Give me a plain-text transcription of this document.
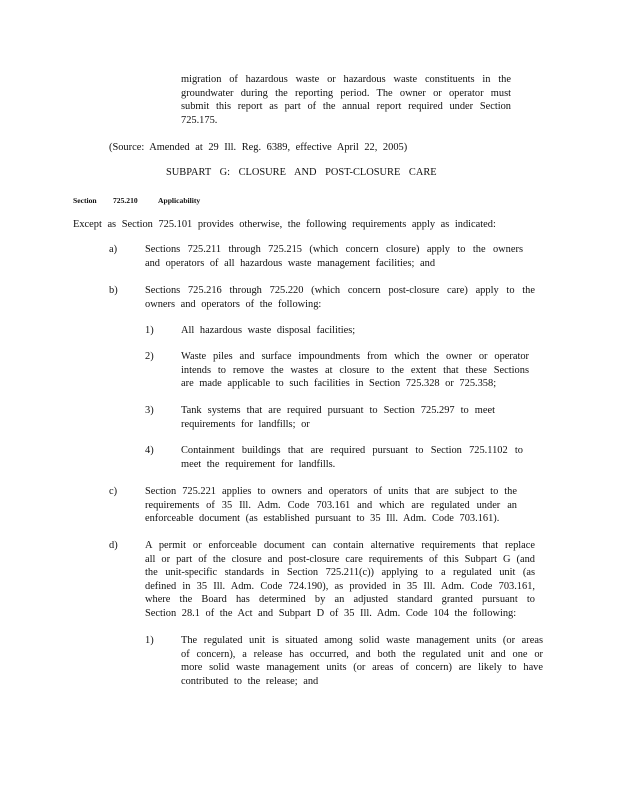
migration of hazardous waste or hazardous waste constituents in the
groundwater during the reporting period. The owner or operator must
submit this report as part of the annual report required under Section
725.175.
(Source: Amended at 29 Ill. Reg. 6389, effective April 22, 2005)
SUBPART G: CLOSURE AND POST-CLOSURE CARE
Section 725.210	Applicability
Except as Section 725.101 provides otherwise, the following requirements apply as indicated:
a)	Sections 725.211 through 725.215 (which concern closure) apply to the owners
and operators of all hazardous waste management facilities; and
b)	Sections 725.216 through 725.220 (which concern post-closure care) apply to the
owners and operators of the following:
1)	All hazardous waste disposal facilities;
2)	Waste piles and surface impoundments from which the owner or operator
intends to remove the wastes at closure to the extent that these Sections
are made applicable to such facilities in Section 725.328 or 725.358;
3)	Tank systems that are required pursuant to Section 725.297 to meet
requirements for landfills; or
4)	Containment buildings that are required pursuant to Section 725.1102 to
meet the requirement for landfills.
c)	Section 725.221 applies to owners and operators of units that are subject to the
requirements of 35 Ill. Adm. Code 703.161 and which are regulated under an
enforceable document (as established pursuant to 35 Ill. Adm. Code 703.161).
d)	A permit or enforceable document can contain alternative requirements that replace
all or part of the closure and post-closure care requirements of this Subpart G (and
the unit-specific standards in Section 725.211(c)) applying to a regulated unit (as
defined in 35 Ill. Adm. Code 724.190), as provided in 35 Ill. Adm. Code 703.161,
where the Board has determined by an adjusted standard granted pursuant to
Section 28.1 of the Act and Subpart D of 35 Ill. Adm. Code 104 the following:
1)	The regulated unit is situated among solid waste management units (or areas
of concern), a release has occurred, and both the regulated unit and one or
more solid waste management units (or areas of concern) are likely to have
contributed to the release; and
